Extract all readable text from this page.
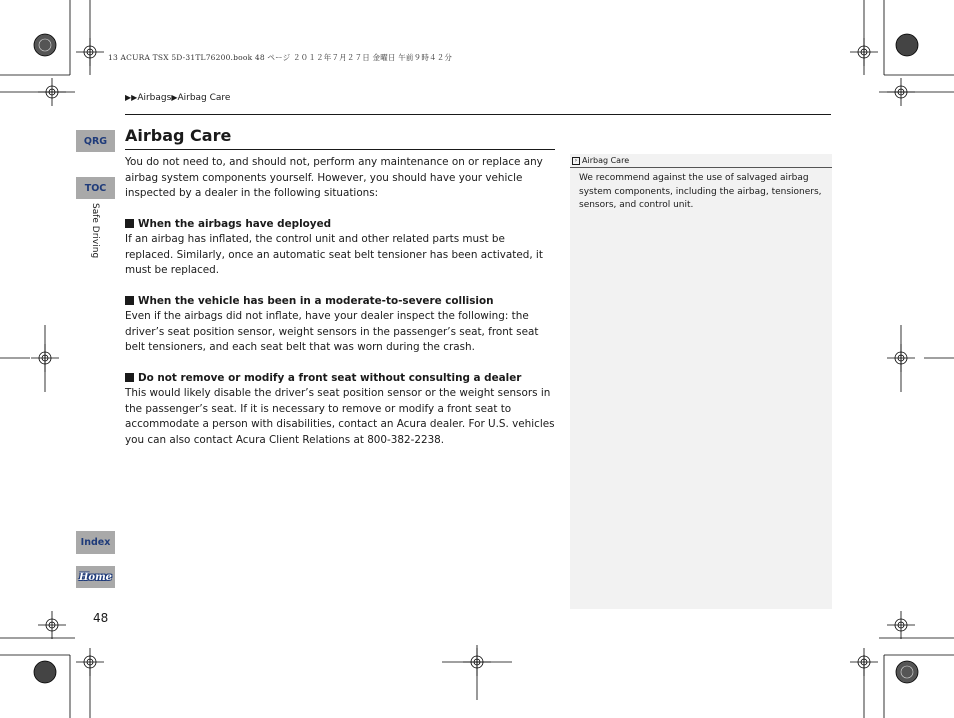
13 ACURA TSX 5D-31TL76200.book 48 ページ ２０１２年７月２７日 金曜日 午前９時４２分
▶▶Airbags▶Airbag Care
QRG
TOC
Safe Driving
Index
Home
48
Airbag Care

You do not need to, and should not, perform any maintenance on or replace any airbag system components yourself. However, you should have your vehicle inspected by a dealer in the following situations:

When the airbags have deployed

If an airbag has inflated, the control unit and other related parts must be replaced. Similarly, once an automatic seat belt tensioner has been activated, it must be replaced.

When the vehicle has been in a moderate-to-severe collision

Even if the airbags did not inflate, have your dealer inspect the following: the driver’s seat position sensor, weight sensors in the passenger’s seat, front seat belt tensioners, and each seat belt that was worn during the crash.

Do not remove or modify a front seat without consulting a dealer

This would likely disable the driver’s seat position sensor or the weight sensors in the passenger’s seat. If it is necessary to remove or modify a front seat to accommodate a person with disabilities, contact an Acura dealer. For U.S. vehicles you can also contact Acura Client Relations at 800-382-2238.

› Airbag Care
We recommend against the use of salvaged airbag system components, including the airbag, tensioners, sensors, and control unit.
